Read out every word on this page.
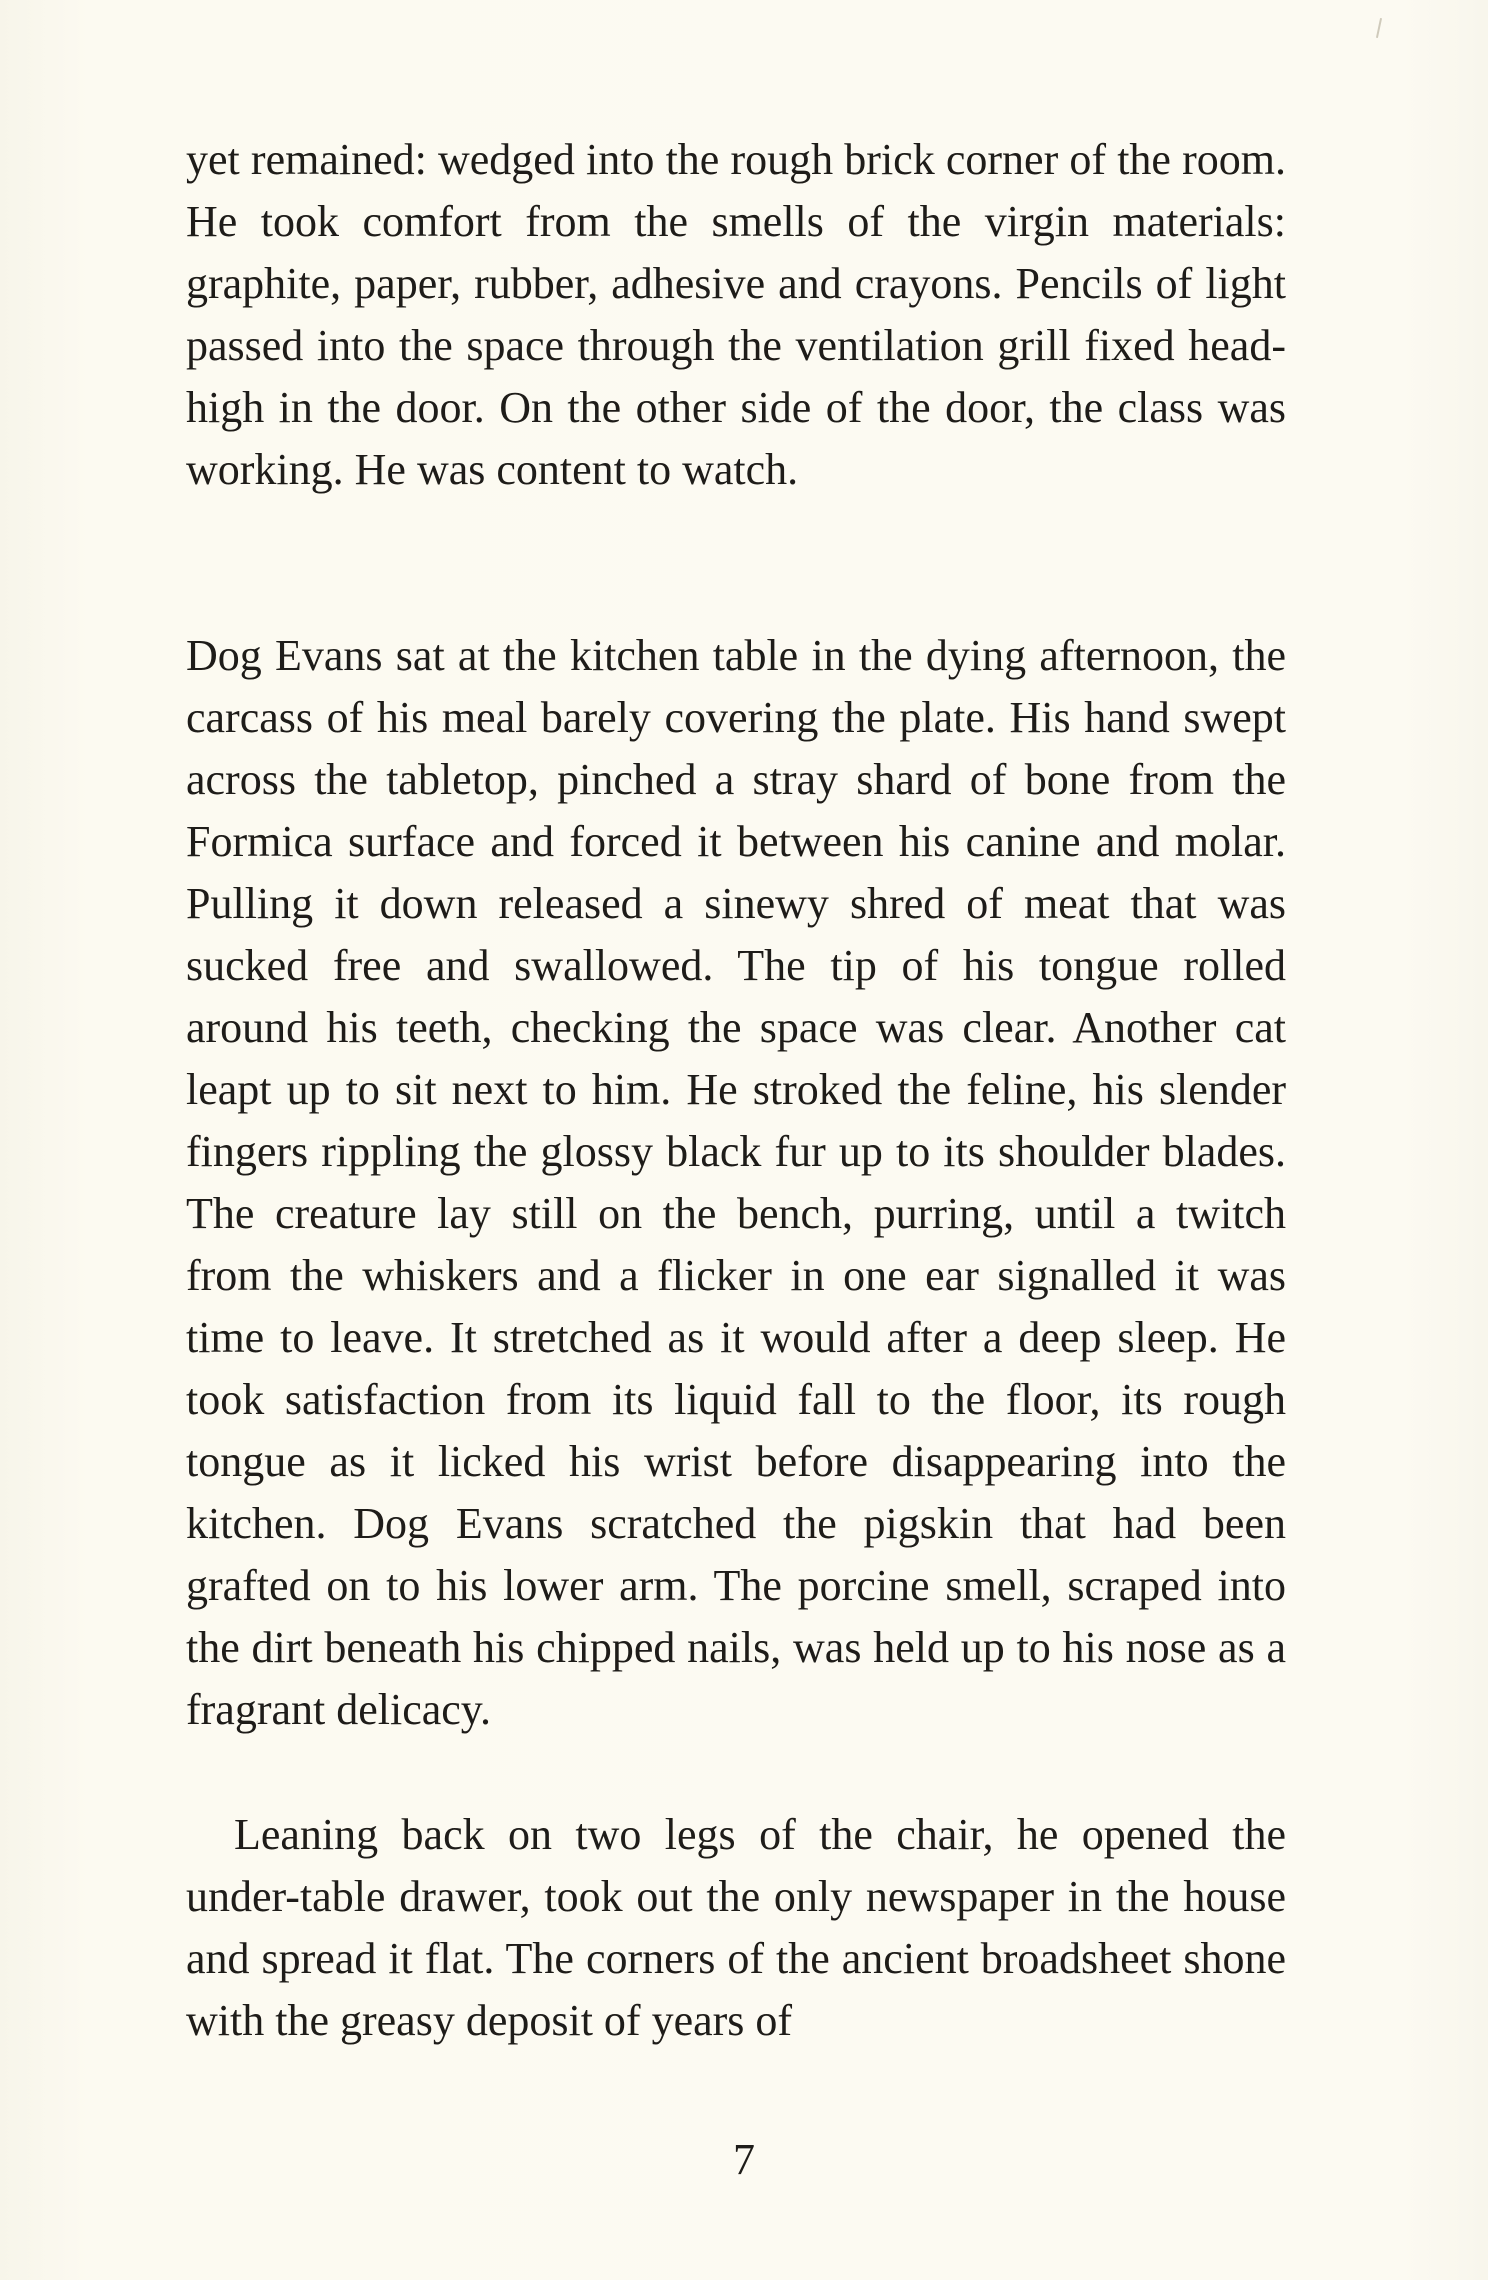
yet remained: wedged into the rough brick corner of the room. He took comfort from the smells of the virgin materials: graphite, paper, rubber, adhesive and crayons. Pencils of light passed into the space through the ventilation grill fixed head-high in the door. On the other side of the door, the class was working. He was content to watch.

Dog Evans sat at the kitchen table in the dying afternoon, the carcass of his meal barely covering the plate. His hand swept across the tabletop, pinched a stray shard of bone from the Formica surface and forced it between his canine and molar. Pulling it down released a sinewy shred of meat that was sucked free and swallowed. The tip of his tongue rolled around his teeth, checking the space was clear. Another cat leapt up to sit next to him. He stroked the feline, his slender fingers rippling the glossy black fur up to its shoulder blades. The creature lay still on the bench, purring, until a twitch from the whiskers and a flicker in one ear signalled it was time to leave. It stretched as it would after a deep sleep. He took satisfaction from its liquid fall to the floor, its rough tongue as it licked his wrist before disappearing into the kitchen. Dog Evans scratched the pigskin that had been grafted on to his lower arm. The porcine smell, scraped into the dirt beneath his chipped nails, was held up to his nose as a fragrant delicacy.

Leaning back on two legs of the chair, he opened the under-table drawer, took out the only newspaper in the house and spread it flat. The corners of the ancient broadsheet shone with the greasy deposit of years of

7
